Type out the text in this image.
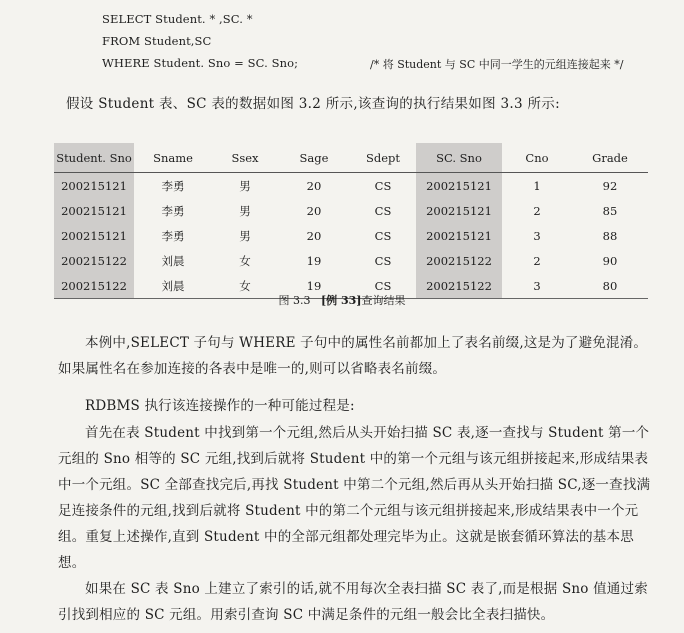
SELECT Student. * ,SC. *
FROM Student,SC
WHERE Student. Sno = SC. Sno;	/* 将 Student 与 SC 中同一学生的元组连接起来 */
假设 Student 表、SC 表的数据如图 3.2 所示,该查询的执行结果如图 3.3 所示:
Student. Sno	Sname	Ssex	Sage	Sdept	SC. Sno	Cno	Grade
200215121	李勇	男	20	CS	200215121	1	92
200215121	李勇	男	20	CS	200215121	2	85
200215121	李勇	男	20	CS	200215121	3	88
200215122	刘晨	女	19	CS	200215122	2	90
200215122	刘晨	女	19	CS	200215122	3	80
图 3.3 [例 33]查询结果

本例中,SELECT 子句与 WHERE 子句中的属性名前都加上了表名前缀,这是为了避免混淆。如果属性名在参加连接的各表中是唯一的,则可以省略表名前缀。

RDBMS 执行该连接操作的一种可能过程是:

首先在表 Student 中找到第一个元组,然后从头开始扫描 SC 表,逐一查找与 Student 第一个元组的 Sno 相等的 SC 元组,找到后就将 Student 中的第一个元组与该元组拼接起来,形成结果表中一个元组。SC 全部查找完后,再找 Student 中第二个元组,然后再从头开始扫描 SC,逐一查找满足连接条件的元组,找到后就将 Student 中的第二个元组与该元组拼接起来,形成结果表中一个元组。重复上述操作,直到 Student 中的全部元组都处理完毕为止。这就是嵌套循环算法的基本思想。

如果在 SC 表 Sno 上建立了索引的话,就不用每次全表扫描 SC 表了,而是根据 Sno 值通过索引找到相应的 SC 元组。用索引查询 SC 中满足条件的元组一般会比全表扫描快。
